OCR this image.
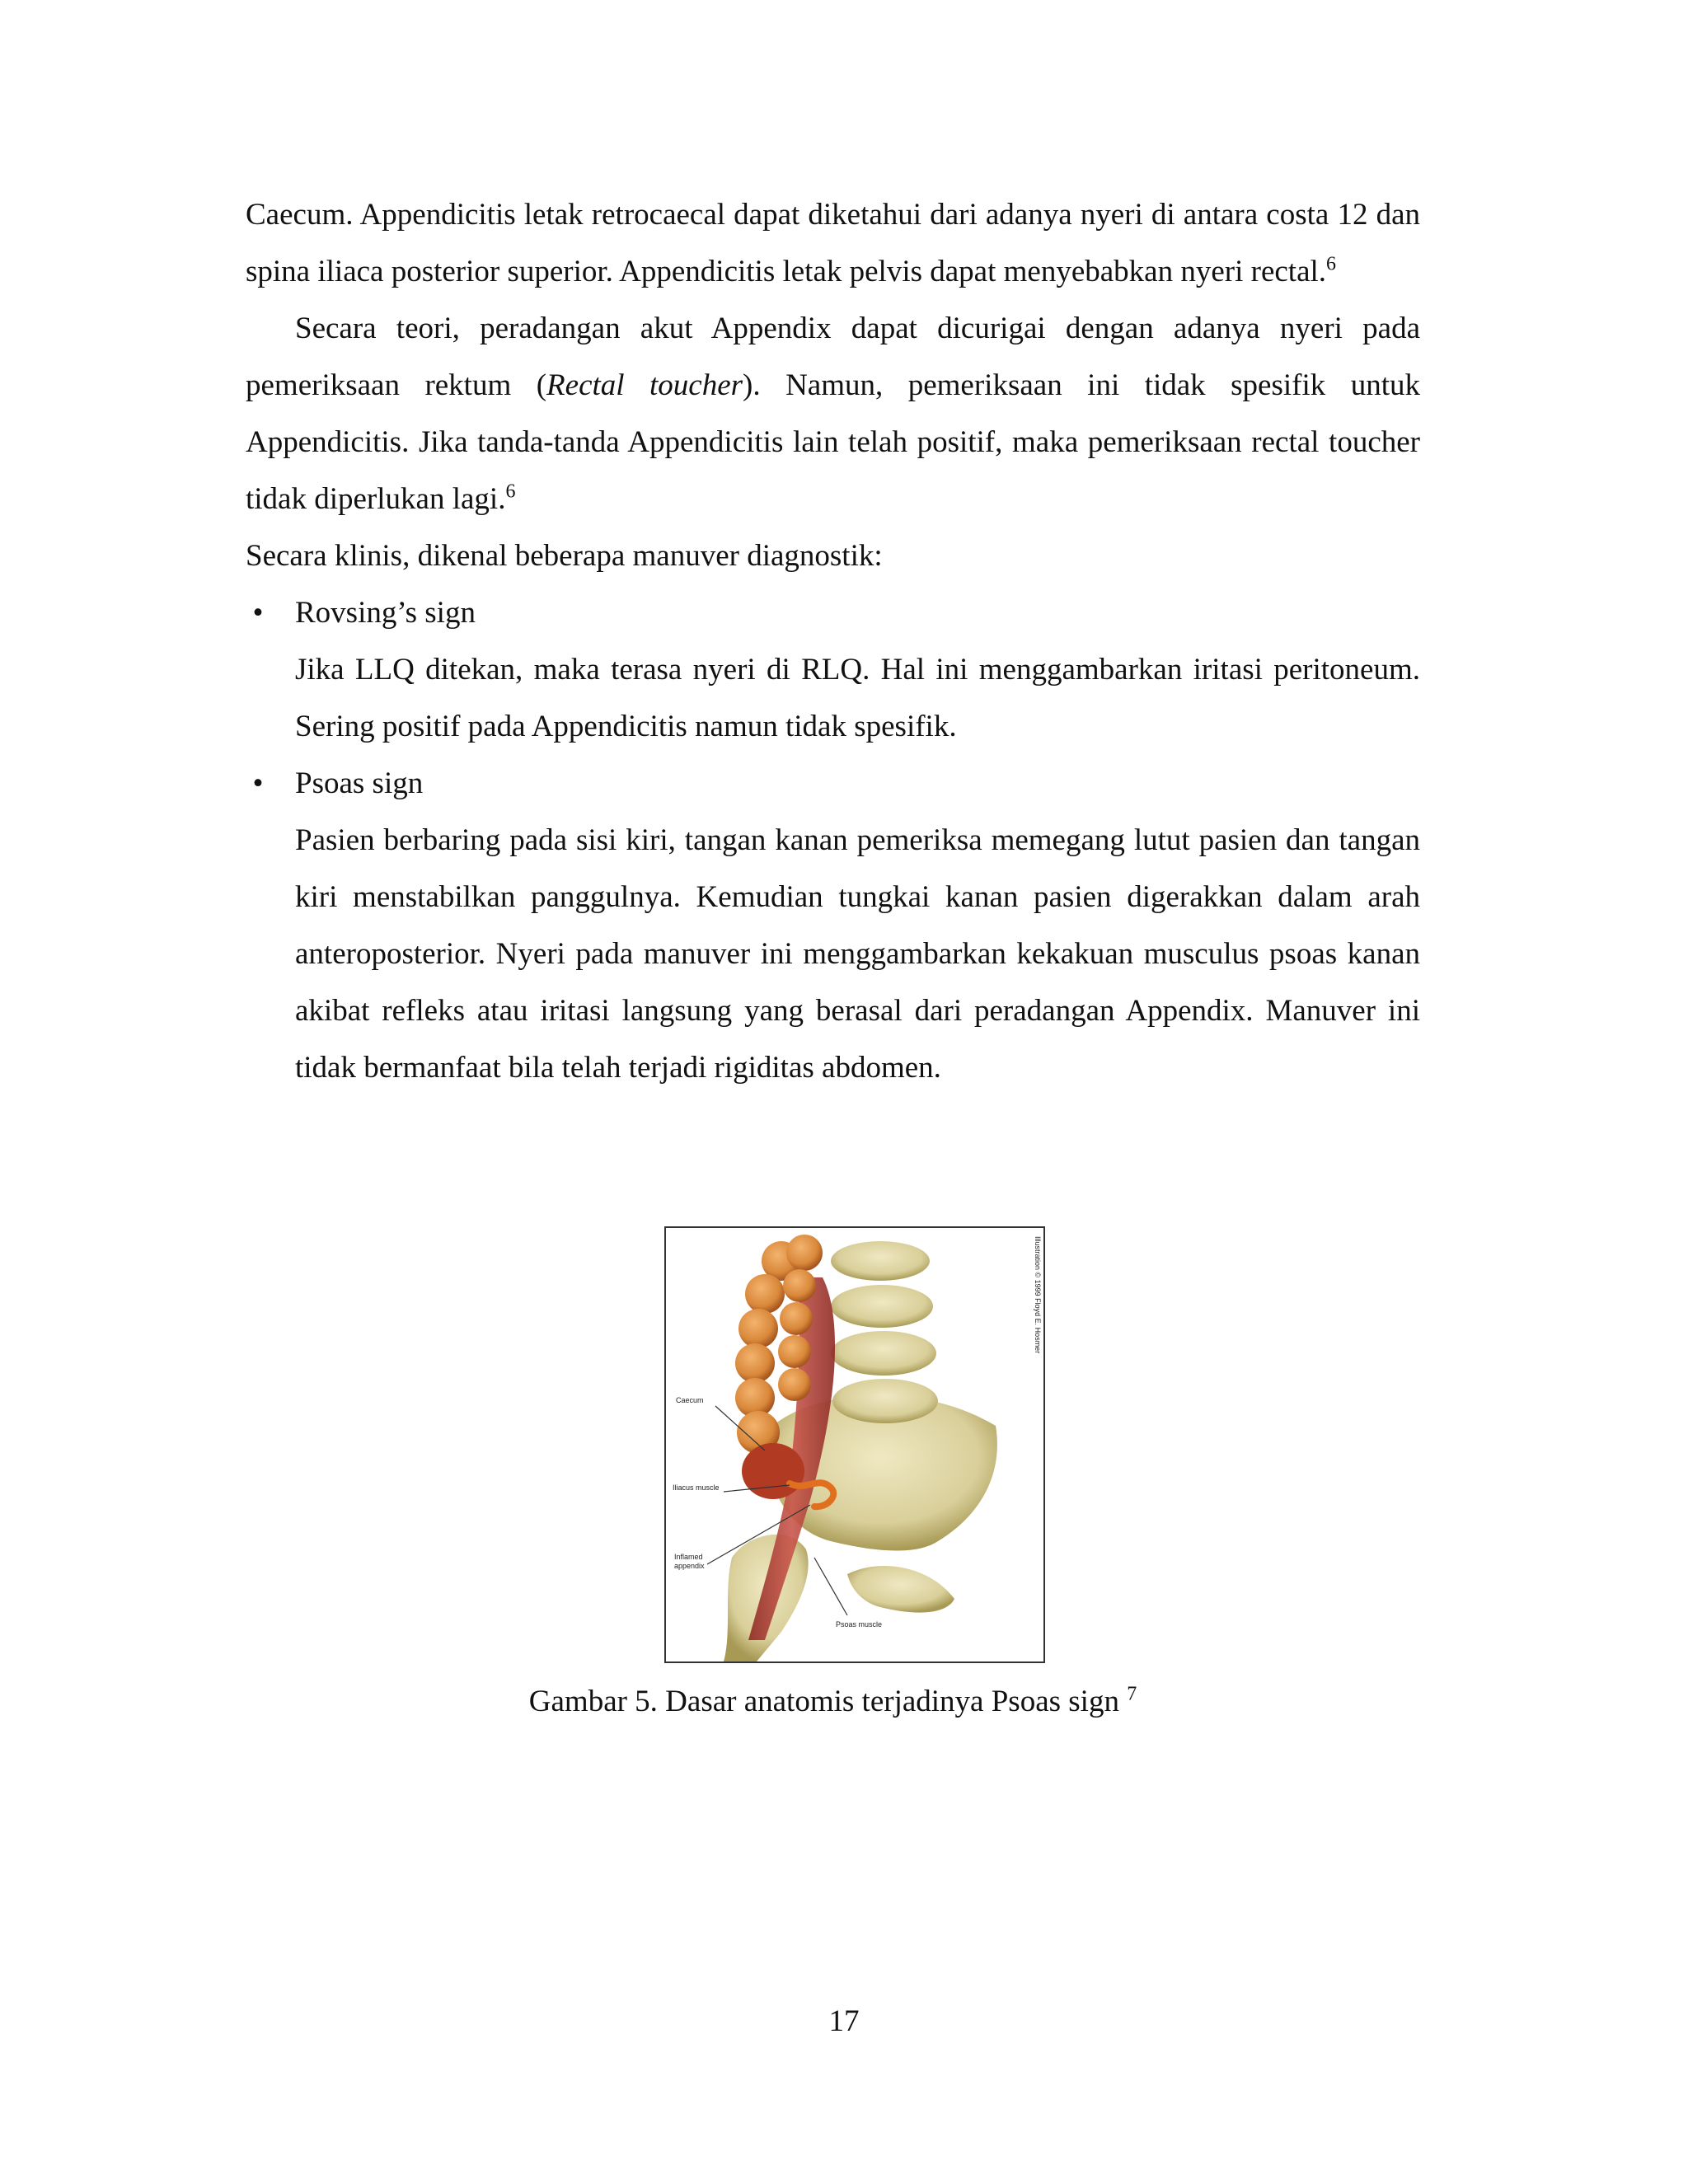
Caecum. Appendicitis letak retrocaecal dapat diketahui dari adanya nyeri di antara costa 12 dan spina iliaca posterior superior. Appendicitis letak pelvis dapat menyebabkan nyeri rectal.$^6$

Secara teori, peradangan akut Appendix dapat dicurigai dengan adanya nyeri pada pemeriksaan rektum (Rectal toucher). Namun, pemeriksaan ini tidak spesifik untuk Appendicitis. Jika tanda-tanda Appendicitis lain telah positif, maka pemeriksaan rectal toucher tidak diperlukan lagi.$^6$

Secara klinis, dikenal beberapa manuver diagnostik:

• Rovsing’s sign

Jika LLQ ditekan, maka terasa nyeri di RLQ. Hal ini menggambarkan iritasi peritoneum. Sering positif pada Appendicitis namun tidak spesifik.

• Psoas sign

Pasien berbaring pada sisi kiri, tangan kanan pemeriksa memegang lutut pasien dan tangan kiri menstabilkan panggulnya. Kemudian tungkai kanan pasien digerakkan dalam arah anteroposterior. Nyeri pada manuver ini menggambarkan kekakuan musculus psoas kanan akibat refleks atau iritasi langsung yang berasal dari peradangan Appendix. Manuver ini tidak bermanfaat bila telah terjadi rigiditas abdomen.

Caecum
Iliacus muscle
Inflamed
appendix
Psoas muscle
Illustration © 1999 Floyd E. Hosmer
Gambar 5. Dasar anatomis terjadinya Psoas sign $^7$
17
